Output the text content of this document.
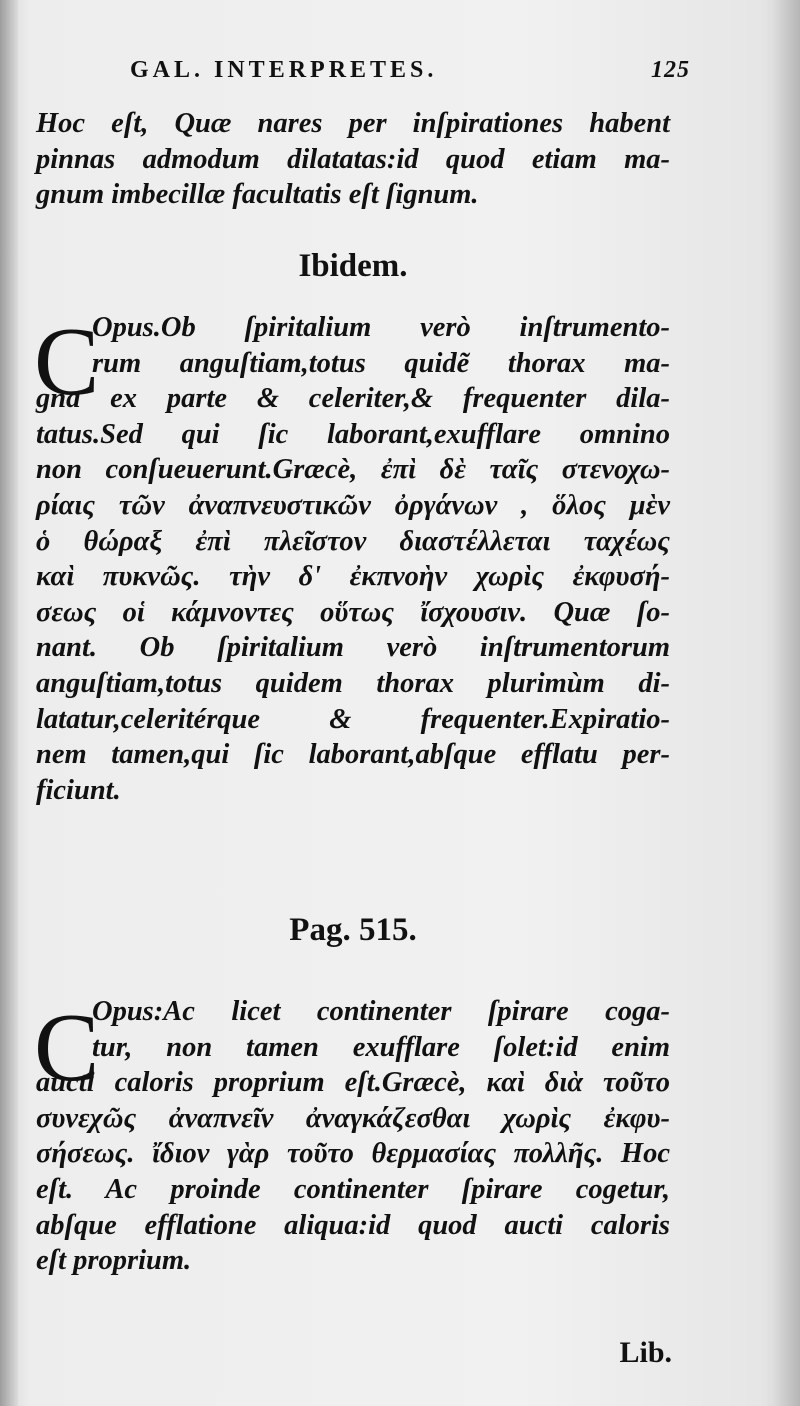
GAL. INTERPRETES.	125
Hoc eſt, Quæ nares per inſpirationes habent
pinnas admodum dilatatas:id quod etiam ma-
gnum imbecillæ facultatis eſt ſignum.
Ibidem.
C
Opus.Ob ſpiritalium verò inſtrumento-
rum anguſtiam,totus quidẽ thorax ma-
gna ex parte & celeriter,& frequenter dila-
tatus.Sed qui ſic laborant,exufflare omnino
non conſueuerunt.Græcè, ἐπὶ δὲ ταῖς στενοχω-
ρίαις τῶν ἀναπνευστικῶν ὀργάνων , ὅλος μὲν
ὁ θώραξ ἐπὶ πλεῖστον διαστέλλεται ταχέως
καὶ πυκνῶς. τὴν δ' ἐκπνοὴν χωρὶς ἐκφυσή-
σεως οἱ κάμνοντες οὕτως ἴσχουσιν. Quæ ſo-
nant. Ob ſpiritalium verò inſtrumentorum
anguſtiam,totus quidem thorax plurimùm di-
latatur,celeritérque & frequenter.Expiratio-
nem tamen,qui ſic laborant,abſque efflatu per-
ficiunt.
Pag. 515.
C
Opus:Ac licet continenter ſpirare coga-
tur, non tamen exufflare ſolet:id enim
aucti caloris proprium eſt.Græcè, καὶ διὰ τοῦτο
συνεχῶς ἀναπνεῖν ἀναγκάζεσθαι χωρὶς ἐκφυ-
σήσεως. ἴδιον γὰρ τοῦτο θερμασίας πολλῆς. Hoc
eſt. Ac proinde continenter ſpirare cogetur,
abſque efflatione aliqua:id quod aucti caloris
eſt proprium.
Lib.
